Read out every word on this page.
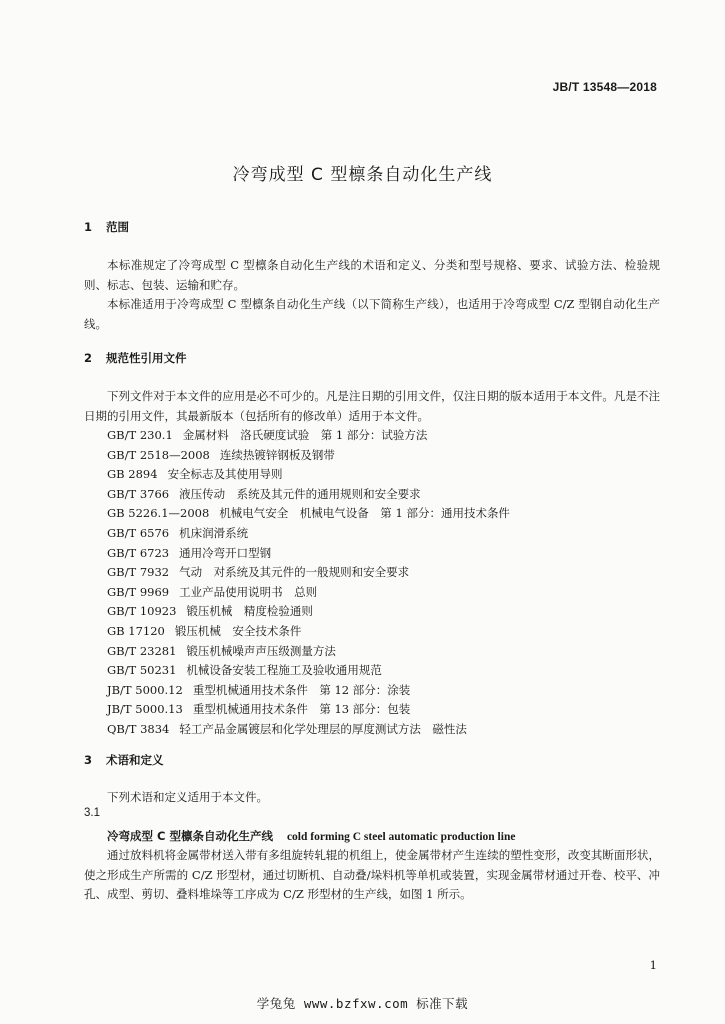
JB/T 13548—2018
冷弯成型 C 型檩条自动化生产线
1 范围

本标准规定了冷弯成型 C 型檩条自动化生产线的术语和定义、分类和型号规格、要求、试验方法、检验规则、标志、包装、运输和贮存。

本标准适用于冷弯成型 C 型檩条自动化生产线（以下简称生产线），也适用于冷弯成型 C/Z 型钢自动化生产线。

2 规范性引用文件

下列文件对于本文件的应用是必不可少的。凡是注日期的引用文件，仅注日期的版本适用于本文件。凡是不注日期的引用文件，其最新版本（包括所有的修改单）适用于本文件。

GB/T 230.1 金属材料　洛氏硬度试验　第 1 部分：试验方法
GB/T 2518—2008 连续热镀锌钢板及钢带
GB 2894 安全标志及其使用导则
GB/T 3766 液压传动　系统及其元件的通用规则和安全要求
GB 5226.1—2008 机械电气安全　机械电气设备　第 1 部分：通用技术条件
GB/T 6576 机床润滑系统
GB/T 6723 通用冷弯开口型钢
GB/T 7932 气动　对系统及其元件的一般规则和安全要求
GB/T 9969 工业产品使用说明书　总则
GB/T 10923 锻压机械　精度检验通则
GB 17120 锻压机械　安全技术条件
GB/T 23281 锻压机械噪声声压级测量方法
GB/T 50231 机械设备安装工程施工及验收通用规范
JB/T 5000.12 重型机械通用技术条件　第 12 部分：涂装
JB/T 5000.13 重型机械通用技术条件　第 13 部分：包装
QB/T 3834 轻工产品金属镀层和化学处理层的厚度测试方法　磁性法
3 术语和定义

下列术语和定义适用于本文件。

3.1
冷弯成型 C 型檩条自动化生产线 cold forming C steel automatic production line

通过放料机将金属带材送入带有多组旋转轧辊的机组上，使金属带材产生连续的塑性变形，改变其断面形状，使之形成生产所需的 C/Z 形型材，通过切断机、自动叠/垛料机等单机或装置，实现金属带材通过开卷、校平、冲孔、成型、剪切、叠料堆垛等工序成为 C/Z 形型材的生产线，如图 1 所示。

1
学兔兔 www.bzfxw.com 标准下载
